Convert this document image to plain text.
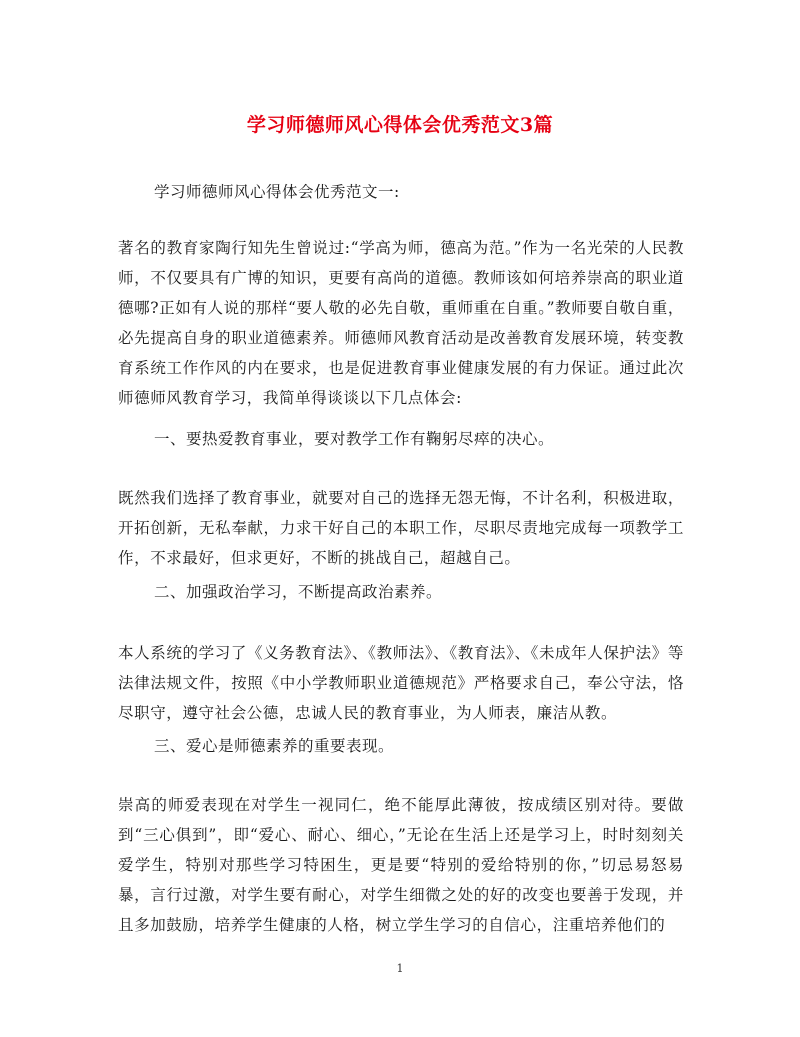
学习师德师风心得体会优秀范文3篇
学习师德师风心得体会优秀范文一:
著名的教育家陶行知先生曾说过:“学高为师，德高为范。”作为一名光荣的人民教师，不仅要具有广博的知识，更要有高尚的道德。教师该如何培养崇高的职业道德哪?正如有人说的那样“要人敬的必先自敬，重师重在自重。”教师要自敬自重，必先提高自身的职业道德素养。师德师风教育活动是改善教育发展环境，转变教育系统工作作风的内在要求，也是促进教育事业健康发展的有力保证。通过此次师德师风教育学习，我简单得谈谈以下几点体会:
一、要热爱教育事业，要对教学工作有鞠躬尽瘁的决心。
既然我们选择了教育事业，就要对自己的选择无怨无悔，不计名利，积极进取，开拓创新，无私奉献，力求干好自己的本职工作，尽职尽责地完成每一项教学工作，不求最好，但求更好，不断的挑战自己，超越自己。
二、加强政治学习，不断提高政治素养。
本人系统的学习了《义务教育法》、《教师法》、《教育法》、《未成年人保护法》等法律法规文件，按照《中小学教师职业道德规范》严格要求自己，奉公守法，恪尽职守，遵守社会公德，忠诚人民的教育事业，为人师表，廉洁从教。
三、爱心是师德素养的重要表现。
崇高的师爱表现在对学生一视同仁，绝不能厚此薄彼，按成绩区别对待。要做到“三心俱到”，即“爱心、耐心、细心，”无论在生活上还是学习上，时时刻刻关爱学生，特别对那些学习特困生，更是要“特别的爱给特别的你，”切忌易怒易暴，言行过激，对学生要有耐心，对学生细微之处的好的改变也要善于发现，并且多加鼓励，培养学生健康的人格，树立学生学习的自信心，注重培养他们的
1
